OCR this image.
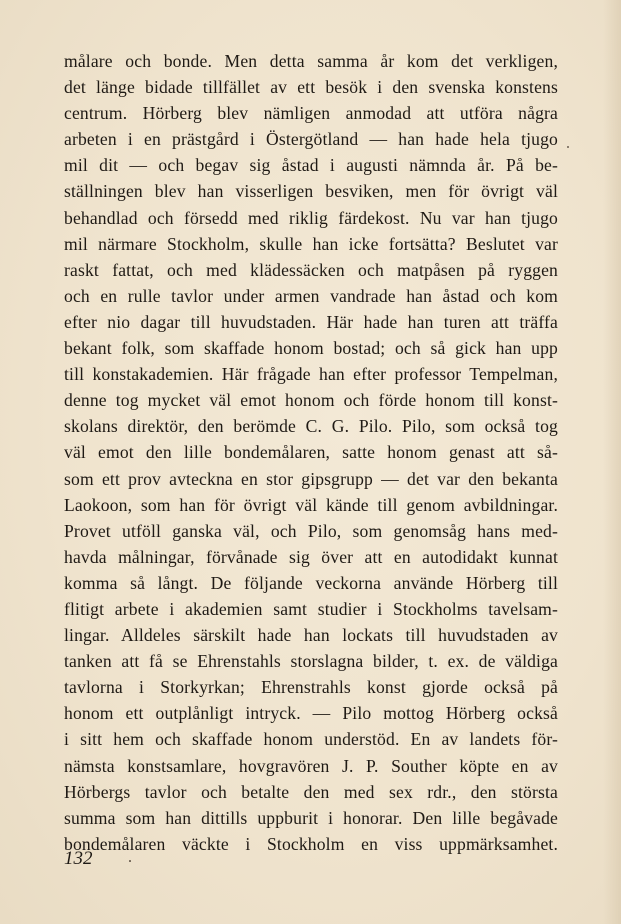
målare och bonde. Men detta samma år kom det verkligen,
det länge bidade tillfället av ett besök i den svenska konstens
centrum. Hörberg blev nämligen anmodad att utföra några
arbeten i en prästgård i Östergötland — han hade hela tjugo
mil dit — och begav sig åstad i augusti nämnda år. På be-
ställningen blev han visserligen besviken, men för övrigt väl
behandlad och försedd med riklig färdekost. Nu var han tjugo
mil närmare Stockholm, skulle han icke fortsätta? Beslutet var
raskt fattat, och med klädessäcken och matpåsen på ryggen
och en rulle tavlor under armen vandrade han åstad och kom
efter nio dagar till huvudstaden. Här hade han turen att träffa
bekant folk, som skaffade honom bostad; och så gick han upp
till konstakademien. Här frågade han efter professor Tempelman,
denne tog mycket väl emot honom och förde honom till konst-
skolans direktör, den berömde C. G. Pilo. Pilo, som också tog
väl emot den lille bondemålaren, satte honom genast att så-
som ett prov avteckna en stor gipsgrupp — det var den bekanta
Laokoon, som han för övrigt väl kände till genom avbildningar.
Provet utföll ganska väl, och Pilo, som genomsåg hans med-
havda målningar, förvånade sig över att en autodidakt kunnat
komma så långt. De följande veckorna använde Hörberg till
flitigt arbete i akademien samt studier i Stockholms tavelsam-
lingar. Alldeles särskilt hade han lockats till huvudstaden av
tanken att få se Ehrenstahls storslagna bilder, t. ex. de väldiga
tavlorna i Storkyrkan; Ehrenstrahls konst gjorde också på
honom ett outplånligt intryck. — Pilo mottog Hörberg också
i sitt hem och skaffade honom understöd. En av landets för-
nämsta konstsamlare, hovgravören J. P. Souther köpte en av
Hörbergs tavlor och betalte den med sex rdr., den största
summa som han dittills uppburit i honorar. Den lille begåvade
bondemålaren väckte i Stockholm en viss uppmärksamhet.
132
